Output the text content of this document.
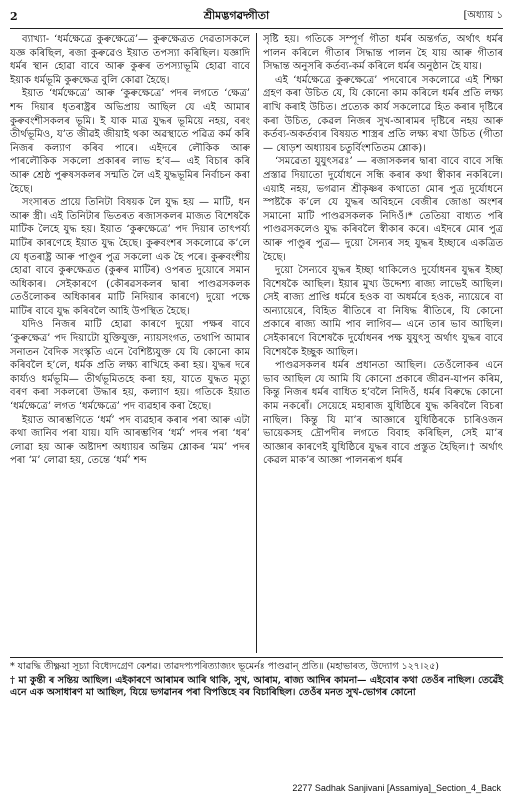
2	শ্ৰীমদ্ভগৱদ্গীতা	[অধ্যায় ১

ব্যাখ্যা- ‘ধৰ্মক্ষেত্ৰে কুৰুক্ষেত্ৰে’— কুৰুক্ষেত্ৰত দেৱতাসকলে যজ্ঞ কৰিছিল, ৰজা কুৰুৱেও ইয়াত তপস্যা কৰিছিল। যজ্ঞাদি ধৰ্মৰ স্থান হোৱা বাবে আৰু কুৰুৰ তপস্যাভূমি হোৱা বাবে ইয়াক ধৰ্মভূমি কুৰুক্ষেত্ৰ বুলি কোৱা হৈছে।

ইয়াত ‘ধৰ্মক্ষেত্ৰে’ আৰু ‘কুৰুক্ষেত্ৰে’ পদৰ লগতে ‘ক্ষেত্ৰ’ শব্দ দিয়াৰ ধৃতৰাষ্ট্ৰৰ অভিপ্ৰায় আছিল যে এই আমাৰ কুৰুবংশীসকলৰ ভূমি। ই যাক মাত্ৰ যুদ্ধৰ ভূমিয়ে নহয়, বৰং তীৰ্থভূমিও, য’ত জীৱই জীয়াই থকা অৱস্থাতে পৱিত্ৰ কৰ্ম কৰি নিজৰ কল্যাণ কৰিব পাৰে। এইদৰে লৌকিক আৰু পাৰলৌকিক সকলো প্ৰকাৰৰ লাভ হ’ব— এই বিচাৰ কৰি আৰু শ্ৰেষ্ঠ পুৰুষসকলৰ সন্মতি লৈ এই যুদ্ধভূমিৰ নিৰ্বাচন কৰা হৈছে।

সংসাৰত প্ৰায়ে তিনিটা বিষয়ক লৈ যুদ্ধ হয় — মাটি, ধন আৰু স্ত্ৰী। এই তিনিটাৰ ভিতৰত ৰজাসকলৰ মাজত বিশেষকৈ মাটিক লৈহে যুদ্ধ হয়। ইয়াত ‘কুৰুক্ষেত্ৰে’ পদ দিয়াৰ তাৎপৰ্য্য মাটিৰ কাৰণেহে ইয়াত যুদ্ধ হৈছে। কুৰুবংশৰ সকলোৱে ক’লে যে ধৃতৰাষ্ট্ৰ আৰু পাণ্ডুৰ পুত্ৰ সকলো এক হৈ পৰে। কুৰুবংশীয় হোৱা বাবে কুৰুক্ষেত্ৰত (কুৰুৰ মাটিৰ) ওপৰত দুয়োৰে সমান অধিকাৰ। সেইকাৰণে (কৌৰৱসকলৰ দ্বাৰা পাণ্ডৱসকলক তেওঁলোকৰ অধিকাৰৰ মাটি নিদিয়াৰ কাৰণে) দুয়ো পক্ষে মাটিৰ বাবে যুদ্ধ কৰিবলৈ আহি উপস্থিত হৈছে।

যদিও নিজৰ মাটি হোৱা কাৰণে দুয়ো পক্ষৰ বাবে ‘কুৰুক্ষেত্ৰ’ পদ দিয়াটো যুক্তিযুক্ত, ন্যায়সংগত, তথাপি আমাৰ সনাতন বৈদিক সংস্কৃতি এনে বৈশিষ্ট্যযুক্ত যে যি কোনো কাম কৰিবলৈ হ’লে, ধৰ্মক প্ৰতি লক্ষ্য ৰাখিহে কৰা হয়। যুদ্ধৰ দৰে কাৰ্য্যও ধৰ্মভূমি— তীৰ্থভূমিতহে কৰা হয়, যাতে যুদ্ধত মৃত্যু বৰণ কৰা সকলৰো উদ্ধাৰ হয়, কল্যাণ হয়। গতিকে ইয়াত ‘ধৰ্মক্ষেত্ৰে’ লগত ‘ধৰ্মক্ষেত্ৰে’ পদ ব্যৱহাৰ কৰা হৈছে।

ইয়াত আৰম্ভণিতে ‘ধৰ্ম’ পদ ব্যৱহাৰ কৰাৰ পৰা আৰু এটা কথা জানিব পৰা যায়। যদি আৰম্ভণিৰ ‘ধৰ্ম’ পদৰ পৰা ‘ধৰ’ লোৱা হয় আৰু অষ্টাদশ অধ্যায়ৰ অন্তিম শ্লোকৰ ‘মম’ পদৰ পৰা ‘ম’ লোৱা হয়, তেন্তে ‘ধৰ্ম’ শব্দ

সৃষ্টি হয়। গতিকে সম্পূৰ্ণ গীতা ধৰ্মৰ অন্তৰ্গত, অৰ্থাৎ ধৰ্মৰ পালন কৰিলে গীতাৰ সিদ্ধান্ত পালন হৈ যায় আৰু গীতাৰ সিদ্ধান্ত অনুসৰি কৰ্তব্য-কৰ্ম কৰিলে ধৰ্মৰ অনুষ্ঠান হৈ যায়।

এই ‘ধৰ্মক্ষেত্ৰে কুৰুক্ষেত্ৰে’ পদবোৰে সকলোৱে এই শিক্ষা গ্ৰহণ কৰা উচিত যে, যি কোনো কাম কৰিলে ধৰ্মৰ প্ৰতি লক্ষ্য ৰাখি কৰাই উচিত। প্ৰত্যেক কাৰ্য সকলোৱে হিত কৰাৰ দৃষ্টিৰে কৰা উচিত, কেৱল নিজৰ সুখ-আৰামৰ দৃষ্টিৰে নহয় আৰু কৰ্তব্য-অকৰ্তব্যৰ বিষয়ত শাস্ত্ৰৰ প্ৰতি লক্ষ্য ৰখা উচিত (গীতা— ষোড়শ অধ্যায়ৰ চতুৰ্বিংশতিতম শ্লোক)।

‘সমৱেতা যুযুৎসৱঃ’ — ৰজাসকলৰ দ্বাৰা বাবে বাবে সন্ধি প্ৰস্তাৱ দিয়াতো দুৰ্যোধনে সন্ধি কৰাৰ কথা স্বীকাৰ নকৰিলে। এয়াই নহয়, ভগৱান শ্ৰীকৃষ্ণৰ কথাতো মোৰ পুত্ৰ দুৰ্যোধনে স্পষ্টকৈ ক’লে যে যুদ্ধৰ অবিহনে বেজীৰ জোঙা অংশৰ সমানো মাটি পাণ্ডৱসকলক নিদিওঁ।* তেতিয়া বাধ্যত পৰি পাণ্ডৱসকলেও যুদ্ধ কৰিবলৈ স্বীকাৰ কৰে। এইদৰে মোৰ পুত্ৰ আৰু পাণ্ডুৰ পুত্ৰ— দুয়ো সৈন্যৰ সহ যুদ্ধৰ ইচ্ছাৰে একত্ৰিত হৈছে।

দুয়ো সৈন্যবে যুদ্ধৰ ইচ্ছা থাকিলেও দুৰ্যোধনৰ যুদ্ধৰ ইচ্ছা বিশেষকৈ আছিল। ইয়াৰ মুখ্য উদ্দেশ্য ৰাজ্য লাভেই আছিল। সেই ৰাজ্য প্ৰাপ্তি ধৰ্মৰে হওক বা অধৰ্মৰে হওক, ন্যায়েৰে বা অন্যায়েৰে, বিহিত ৰীতিৰে বা নিষিদ্ধ ৰীতিৰে, যি কোনো প্ৰকাৰে ৰাজ্য আমি পাব লাগিব— এনে তাৰ ভাব আছিল। সেইকাৰণে বিশেষকৈ দুৰ্যোধনৰ পক্ষ যুযুৎসু অৰ্থাৎ যুদ্ধৰ বাবে বিশেষকৈ ইচ্ছুক আছিল।

পাণ্ডৱসকলৰ ধৰ্মৰ প্ৰধানতা আছিল। তেওঁলোকৰ এনে ভাব আছিল যে আমি যি কোনো প্ৰকাৰে জীৱন-যাপন কৰিম, কিন্তু নিজৰ ধৰ্মৰ বাধিত হ’বলৈ নিদিওঁ, ধৰ্মৰ বিৰুদ্ধে কোনো কাম নকৰোঁ। সেয়েহে মহাৰাজ যুধিষ্ঠিৰে যুদ্ধ কৰিবলৈ বিচৰা নাছিল। কিন্তু যি মা’ৰ আজ্ঞাৰে যুধিষ্ঠিৰকে চাৰিওজন ভায়েকসহ দ্ৰৌপদীৰ লগতে বিবাহ কৰিছিল, সেই মা’ৰ আজ্ঞাৰ কাৰণেই যুধিষ্ঠিৰে যুদ্ধৰ বাবে প্ৰস্তুত হৈছিল।† অৰ্থাৎ কেৱল মাক’ৰ আজ্ঞা পালনৰূপ ধৰ্মৰ

* যাৱদ্ধি তীক্ষ্ণয়া সূচ্যা বিধ্যেদগ্ৰেণ কেশৱ। তাৱদপ্যপৰিত্যাজ্যং ভূমেৰ্নঃ পাণ্ডৱান্ প্ৰতি॥ (মহাভাৰত, উদ্যোগ ১২৭।২৫)

† মা কুন্তী ৰ সন্তিয় আছিল। এইকাৰণে আৰামৰ আৰি থাকি, সুখ, আৰাম, ৰাজ্য আদিৰ কামনা— এইবোৰ কথা তেওঁৰ নাছিল। তেৱেঁই এনে এক অসাধাৰণ মা আছিল, যিয়ে ভগৱানৰ পৰা বিপত্তিহে বৰ বিচাৰিছিল। তেওঁৰ মনত সুখ-ভোগৰ কোনো

2277 Sadhak Sanjivani [Assamiya]_Section_4_Back
